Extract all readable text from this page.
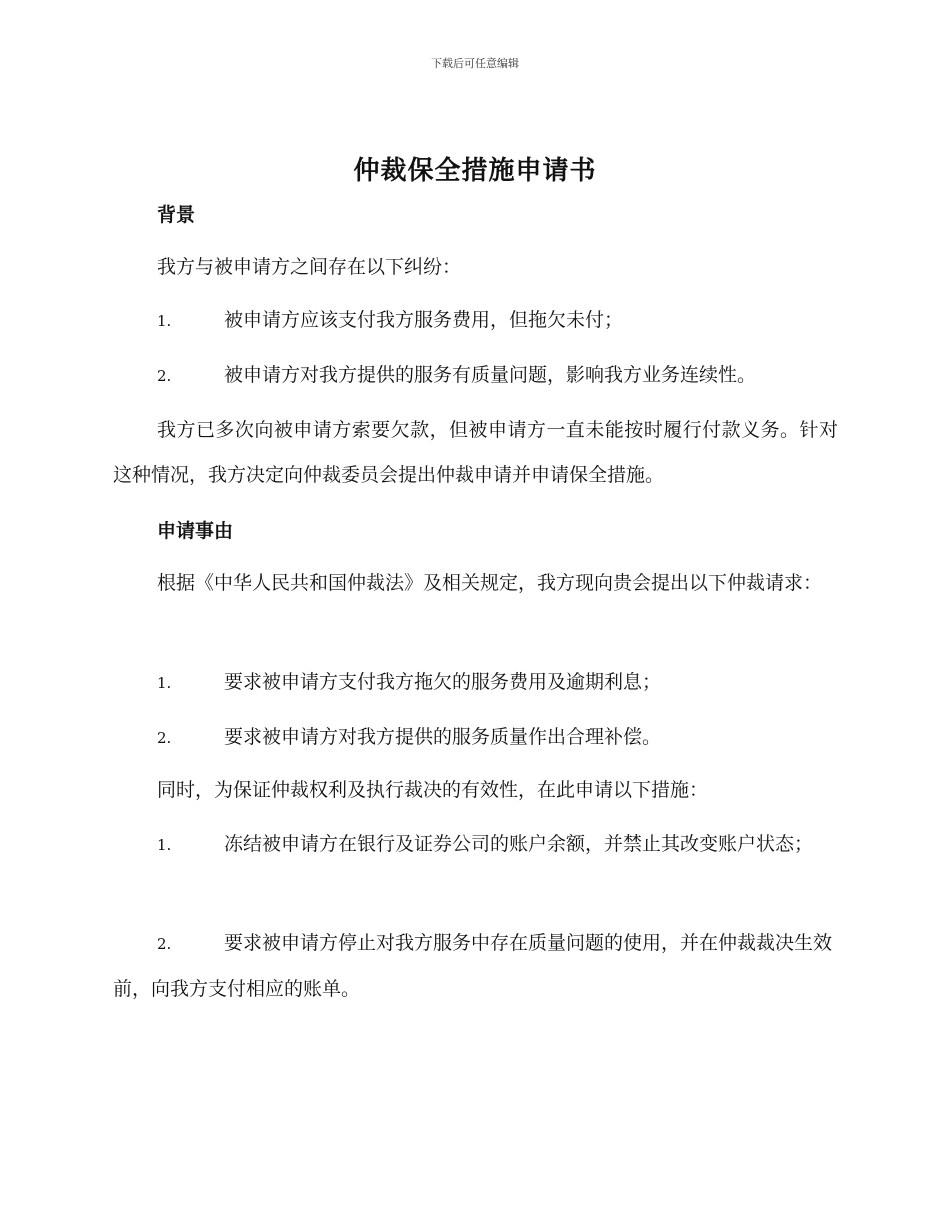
下载后可任意编辑
仲裁保全措施申请书
背景
我方与被申请方之间存在以下纠纷：
1.	被申请方应该支付我方服务费用，但拖欠未付；
2.	被申请方对我方提供的服务有质量问题，影响我方业务连续性。
我方已多次向被申请方索要欠款，但被申请方一直未能按时履行付款义务。针对这种情况，我方决定向仲裁委员会提出仲裁申请并申请保全措施。
申请事由
根据《中华人民共和国仲裁法》及相关规定，我方现向贵会提出以下仲裁请求：
1.	要求被申请方支付我方拖欠的服务费用及逾期利息；
2.	要求被申请方对我方提供的服务质量作出合理补偿。
同时，为保证仲裁权利及执行裁决的有效性，在此申请以下措施：
1.	冻结被申请方在银行及证券公司的账户余额，并禁止其改变账户状态；
2.	要求被申请方停止对我方服务中存在质量问题的使用，并在仲裁裁决生效前，向我方支付相应的账单。
